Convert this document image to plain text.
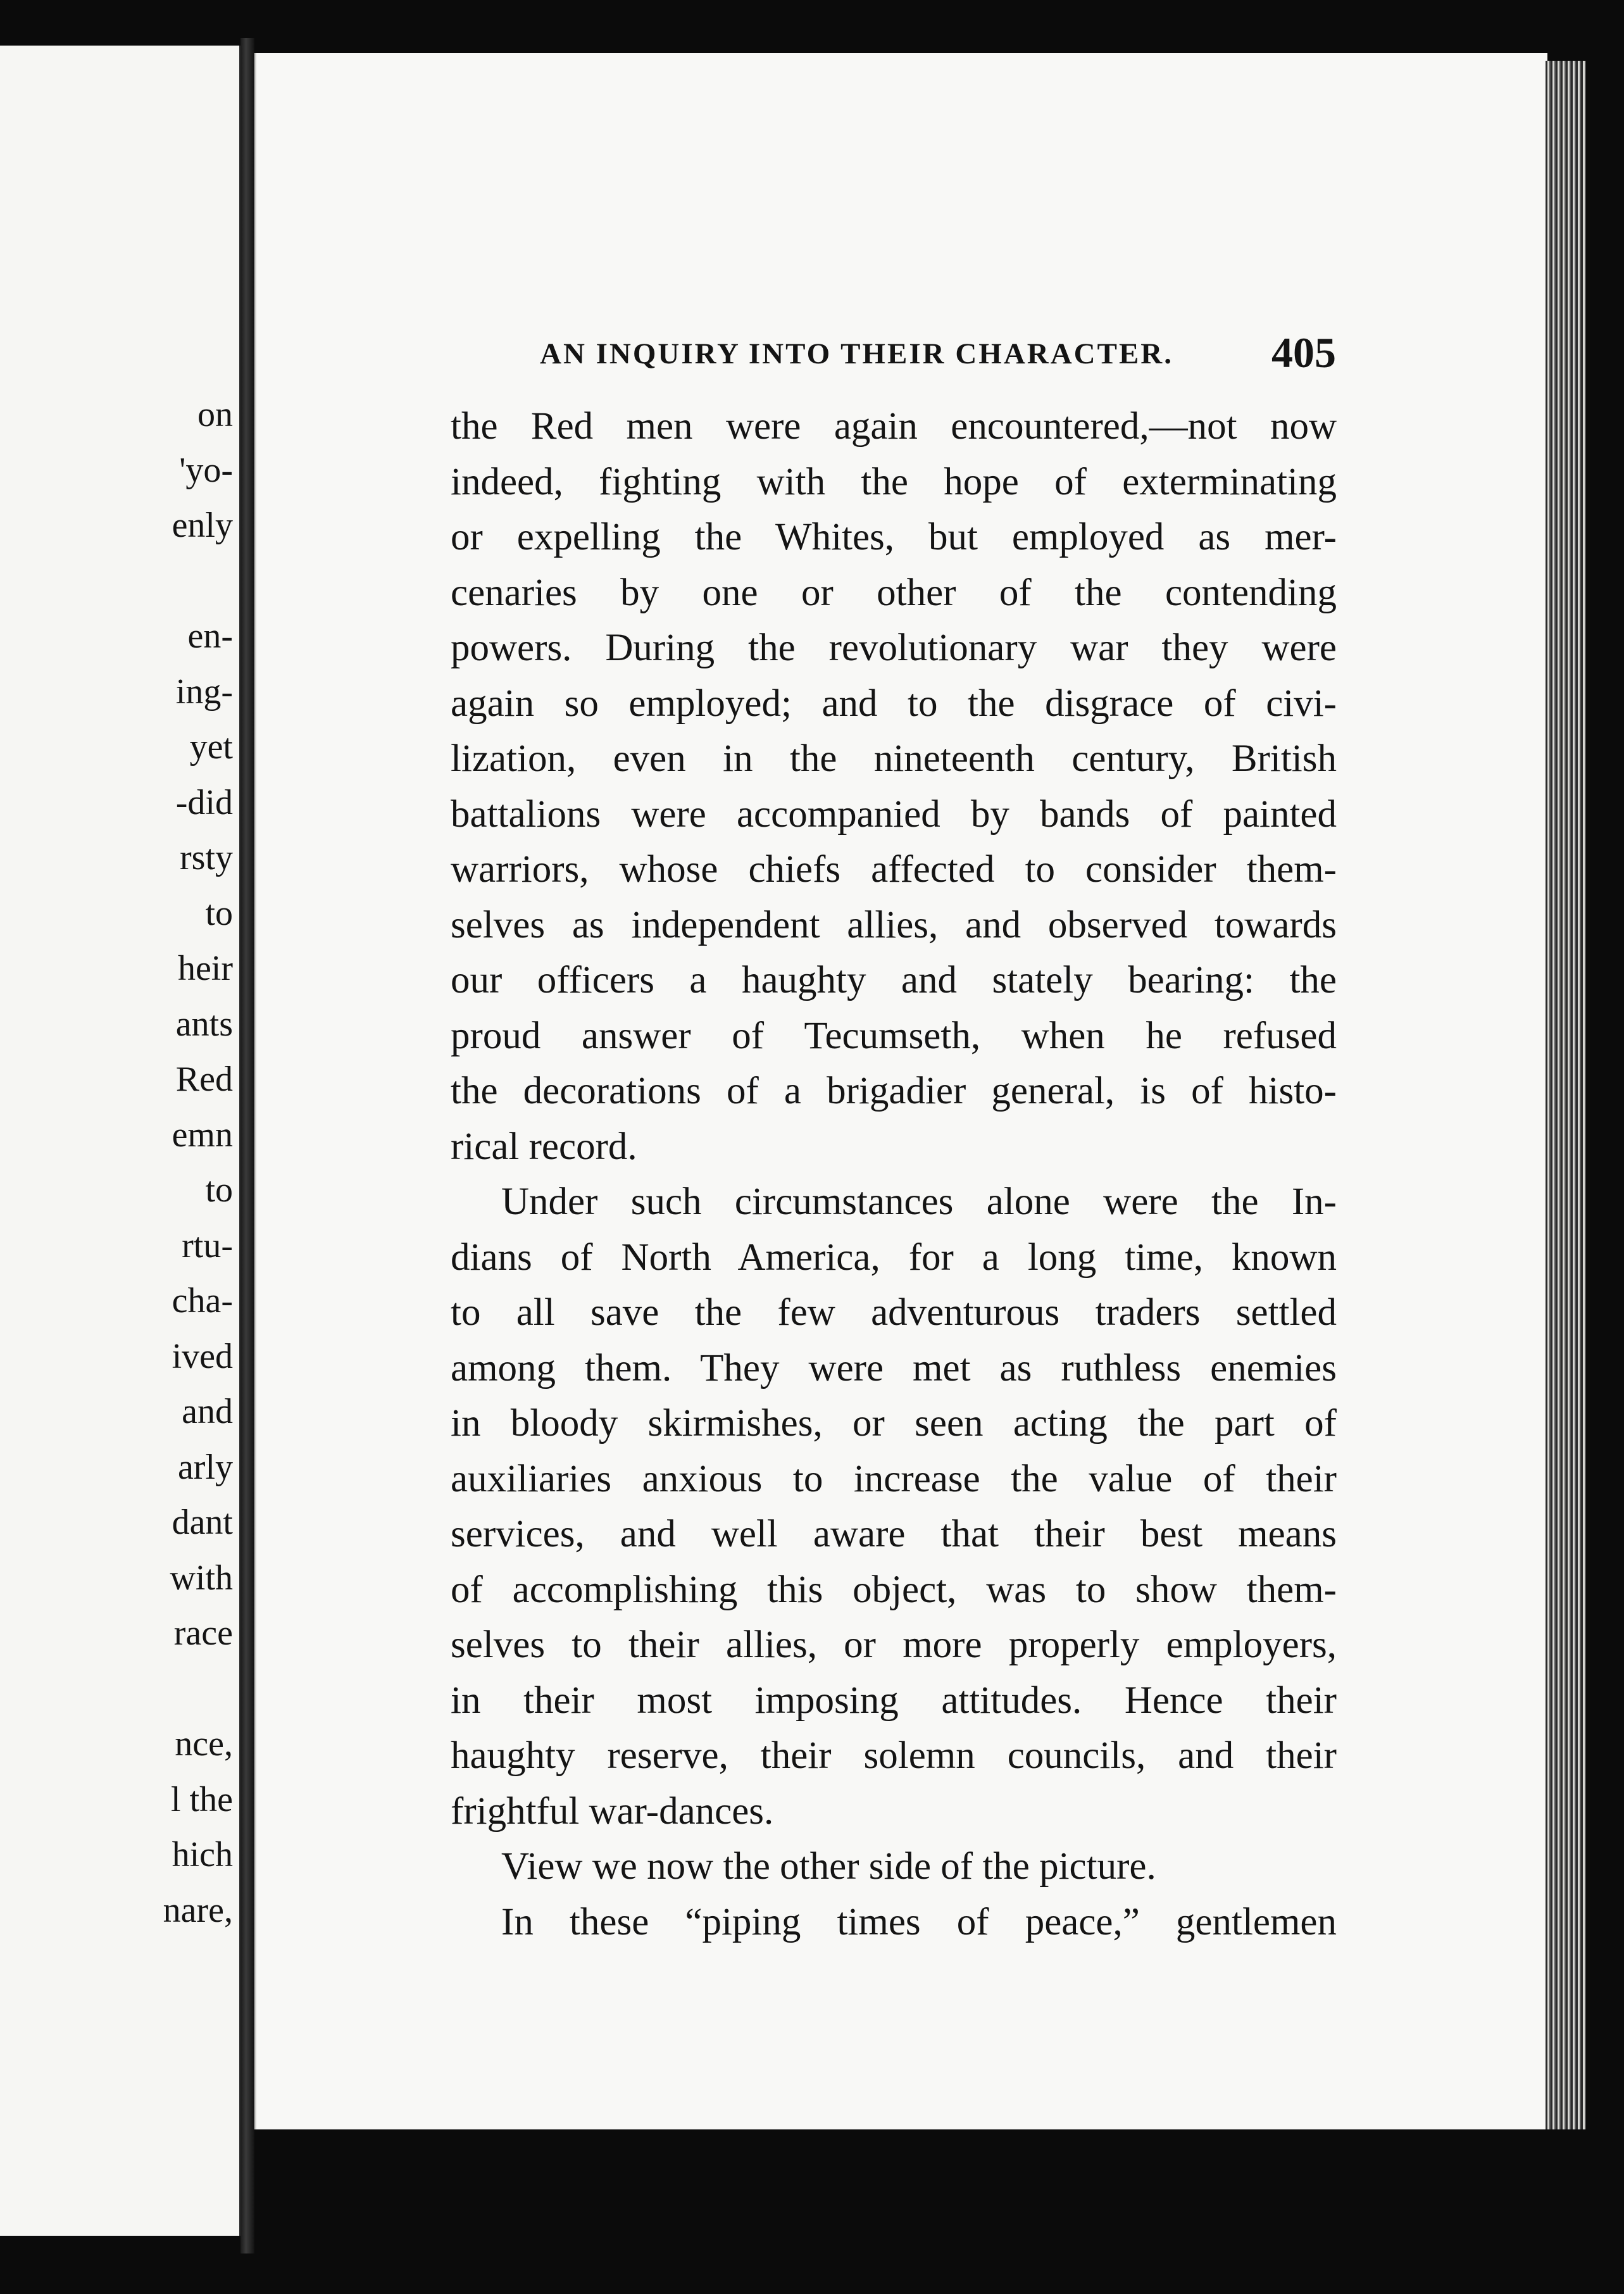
on
'yo-
enly
en-
ing-
yet
-did
rsty
to
heir
ants
Red
emn
to
rtu-
cha-
ived
and
arly
dant
with
race
nce,
l the
hich
nare,
AN INQUIRY INTO THEIR CHARACTER. 405
the Red men were again encountered,—not now
indeed, fighting with the hope of exterminating
or expelling the Whites, but employed as mer-
cenaries by one or other of the contending
powers. During the revolutionary war they were
again so employed; and to the disgrace of civi-
lization, even in the nineteenth century, British
battalions were accompanied by bands of painted
warriors, whose chiefs affected to consider them-
selves as independent allies, and observed towards
our officers a haughty and stately bearing: the
proud answer of Tecumseth, when he refused
the decorations of a brigadier general, is of histo-
rical record.
Under such circumstances alone were the In-
dians of North America, for a long time, known
to all save the few adventurous traders settled
among them. They were met as ruthless enemies
in bloody skirmishes, or seen acting the part of
auxiliaries anxious to increase the value of their
services, and well aware that their best means
of accomplishing this object, was to show them-
selves to their allies, or more properly employers,
in their most imposing attitudes. Hence their
haughty reserve, their solemn councils, and their
frightful war-dances.
View we now the other side of the picture.
In these “piping times of peace,” gentlemen
